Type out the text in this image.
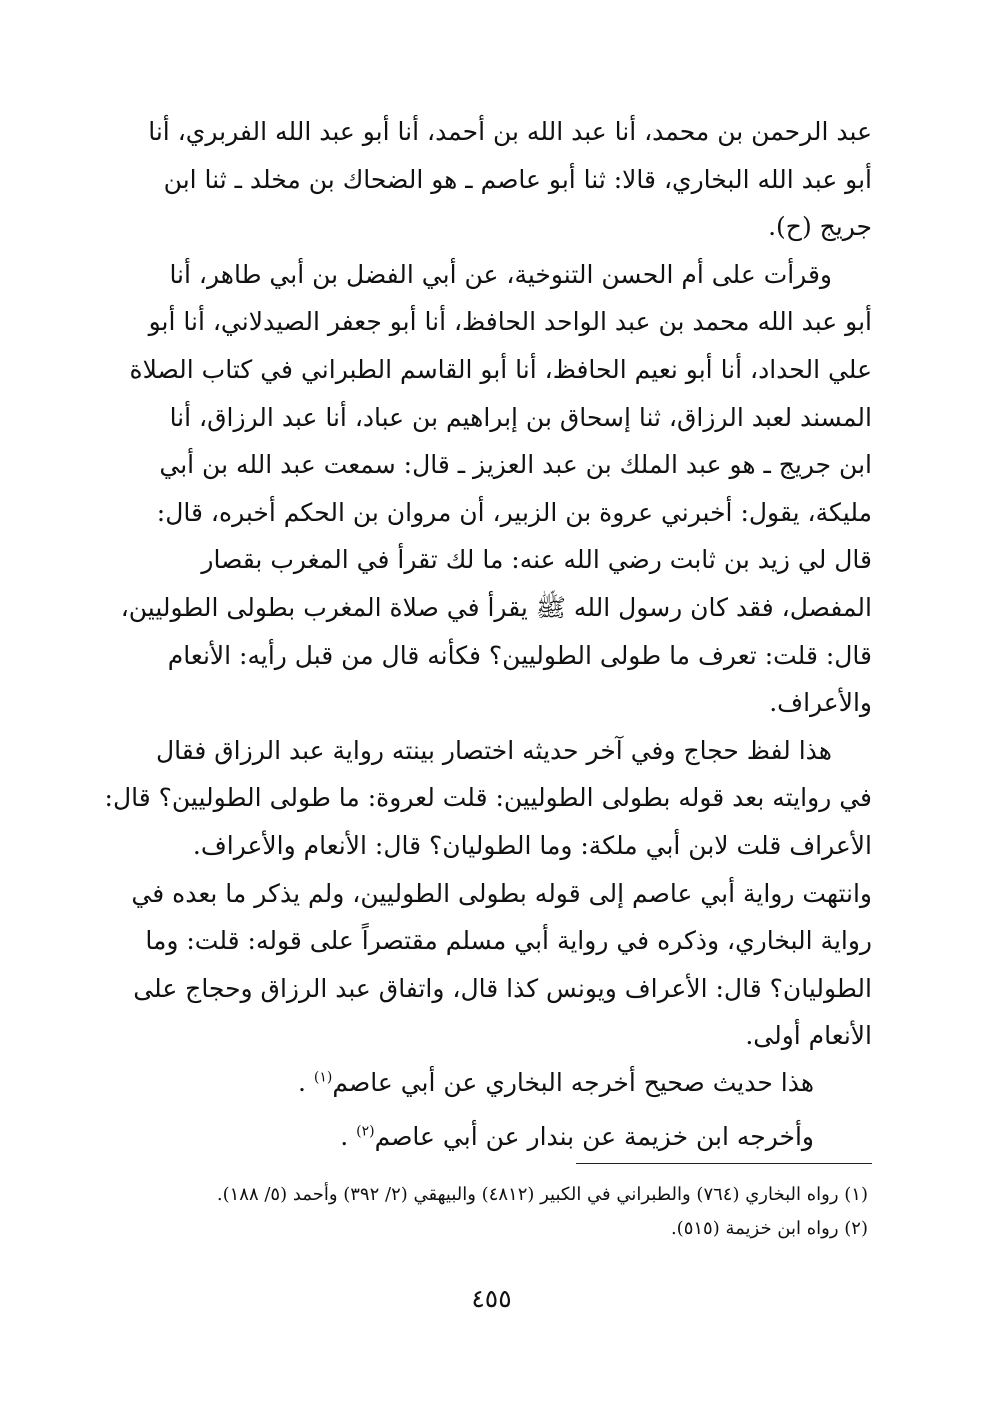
عبد الرحمن بن محمد، أنا عبد الله بن أحمد، أنا أبو عبد الله الفربري، أنا
أبو عبد الله البخاري، قالا: ثنا أبو عاصم ـ هو الضحاك بن مخلد ـ ثنا ابن
جريج (ح).
وقرأت على أم الحسن التنوخية، عن أبي الفضل بن أبي طاهر، أنا
أبو عبد الله محمد بن عبد الواحد الحافظ، أنا أبو جعفر الصيدلاني، أنا أبو
علي الحداد، أنا أبو نعيم الحافظ، أنا أبو القاسم الطبراني في كتاب الصلاة
المسند لعبد الرزاق، ثنا إسحاق بن إبراهيم بن عباد، أنا عبد الرزاق، أنا
ابن جريج ـ هو عبد الملك بن عبد العزيز ـ قال: سمعت عبد الله بن أبي
مليكة، يقول: أخبرني عروة بن الزبير، أن مروان بن الحكم أخبره، قال:
قال لي زيد بن ثابت رضي الله عنه: ما لك تقرأ في المغرب بقصار
المفصل، فقد كان رسول الله ﷺ يقرأ في صلاة المغرب بطولى الطوليين،
قال: قلت: تعرف ما طولى الطوليين؟ فكأنه قال من قبل رأيه: الأنعام
والأعراف.
هذا لفظ حجاج وفي آخر حديثه اختصار بينته رواية عبد الرزاق فقال
في روايته بعد قوله بطولى الطوليين: قلت لعروة: ما طولى الطوليين؟ قال:
الأعراف قلت لابن أبي ملكة: وما الطوليان؟ قال: الأنعام والأعراف.
وانتهت رواية أبي عاصم إلى قوله بطولى الطوليين، ولم يذكر ما بعده في
رواية البخاري، وذكره في رواية أبي مسلم مقتصراً على قوله: قلت: وما
الطوليان؟ قال: الأعراف ويونس كذا قال، واتفاق عبد الرزاق وحجاج على
الأنعام أولى.
هذا حديث صحيح أخرجه البخاري عن أبي عاصم$^{(١)}$ .
وأخرجه ابن خزيمة عن بندار عن أبي عاصم$^{(٢)}$ .
(١) رواه البخاري (٧٦٤) والطبراني في الكبير (٤٨١٢) والبيهقي (٢/ ٣٩٢) وأحمد (٥/ ١٨٨).
(٢) رواه ابن خزيمة (٥١٥).
٤٥٥
